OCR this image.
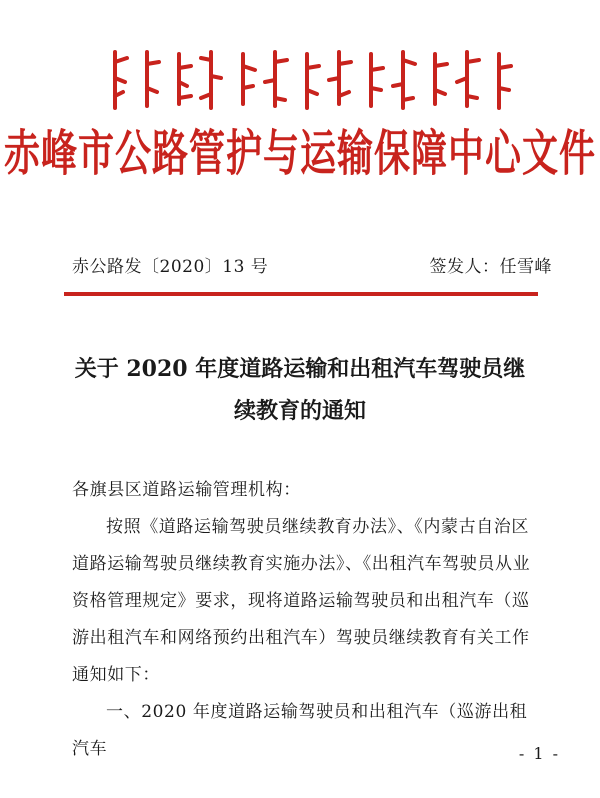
赤峰市公路管护与运输保障中心文件
赤公路发〔2020〕13 号	签发人：任雪峰
关于 2020 年度道路运输和出租汽车驾驶员继
续教育的通知

各旗县区道路运输管理机构：

按照《道路运输驾驶员继续教育办法》、《内蒙古自治区道路运输驾驶员继续教育实施办法》、《出租汽车驾驶员从业资格管理规定》要求，现将道路运输驾驶员和出租汽车（巡游出租汽车和网络预约出租汽车）驾驶员继续教育有关工作通知如下：

一、2020 年度道路运输驾驶员和出租汽车（巡游出租汽车	- 1 -
